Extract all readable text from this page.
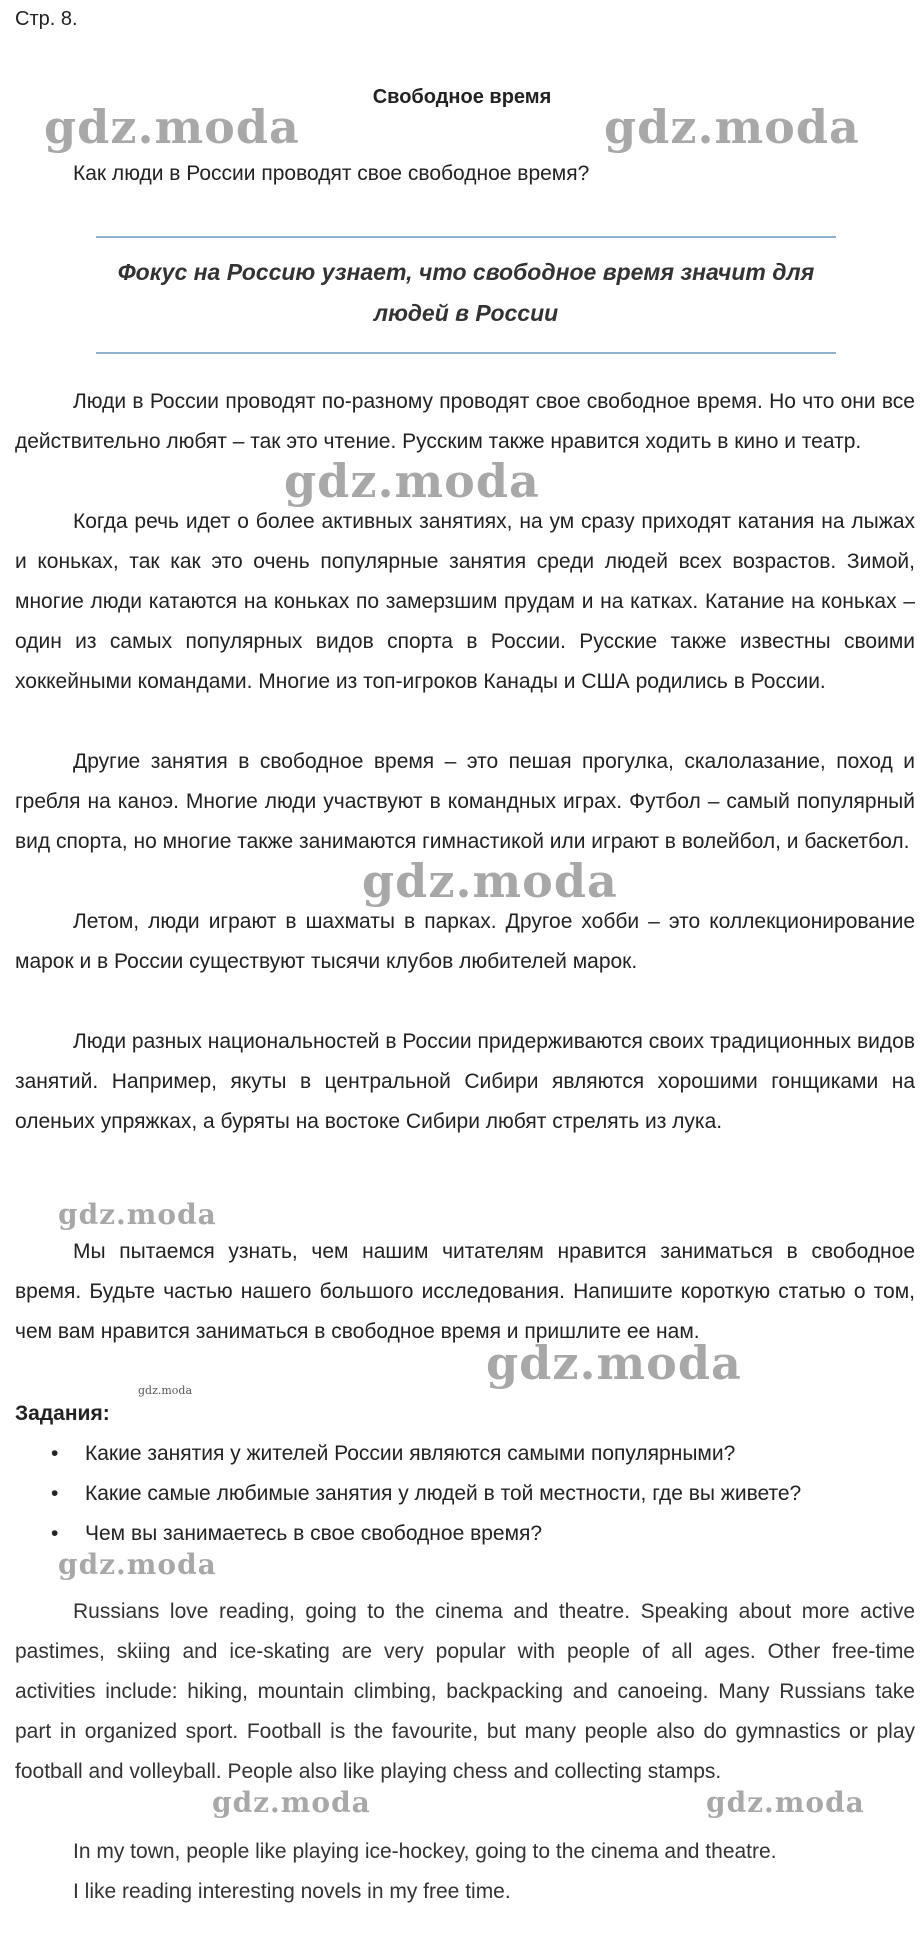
Стр. 8.

Свободное время

Как люди в России проводят свое свободное время?

Фокус на Россию узнает, что свободное время значит для людей в России

Люди в России проводят по-разному проводят свое свободное время. Но что они все действительно любят – так это чтение. Русским также нравится ходить в кино и театр.

Когда речь идет о более активных занятиях, на ум сразу приходят катания на лыжах и коньках, так как это очень популярные занятия среди людей всех возрастов. Зимой, многие люди катаются на коньках по замерзшим прудам и на катках. Катание на коньках – один из самых популярных видов спорта в России. Русские также известны своими хоккейными командами. Многие из топ-игроков Канады и США родились в России.

Другие занятия в свободное время – это пешая прогулка, скалолазание, поход и гребля на каноэ. Многие люди участвуют в командных играх. Футбол – самый популярный вид спорта, но многие также занимаются гимнастикой или играют в волейбол, и баскетбол.

Летом, люди играют в шахматы в парках. Другое хобби – это коллекционирование марок и в России существуют тысячи клубов любителей марок.

Люди разных национальностей в России придерживаются своих традиционных видов занятий. Например, якуты в центральной Сибири являются хорошими гонщиками на оленьих упряжках, а буряты на востоке Сибири любят стрелять из лука.

Мы пытаемся узнать, чем нашим читателям нравится заниматься в свободное время. Будьте частью нашего большого исследования. Напишите короткую статью о том, чем вам нравится заниматься в свободное время и пришлите ее нам.

Задания:

• Какие занятия у жителей России являются самыми популярными?
• Какие самые любимые занятия у людей в той местности, где вы живете?
• Чем вы занимаетесь в свое свободное время?

Russians love reading, going to the cinema and theatre. Speaking about more active pastimes, skiing and ice-skating are very popular with people of all ages. Other free-time activities include: hiking, mountain climbing, backpacking and canoeing. Many Russians take part in organized sport. Football is the favourite, but many people also do gymnastics or play football and volleyball. People also like playing chess and collecting stamps.

In my town, people like playing ice-hockey, going to the cinema and theatre.

I like reading interesting novels in my free time.

gdz.moda	gdz.moda
gdz.moda
gdz.moda
gdz.moda
gdz.moda
gdz.moda
gdz.moda
gdz.moda	gdz.moda
